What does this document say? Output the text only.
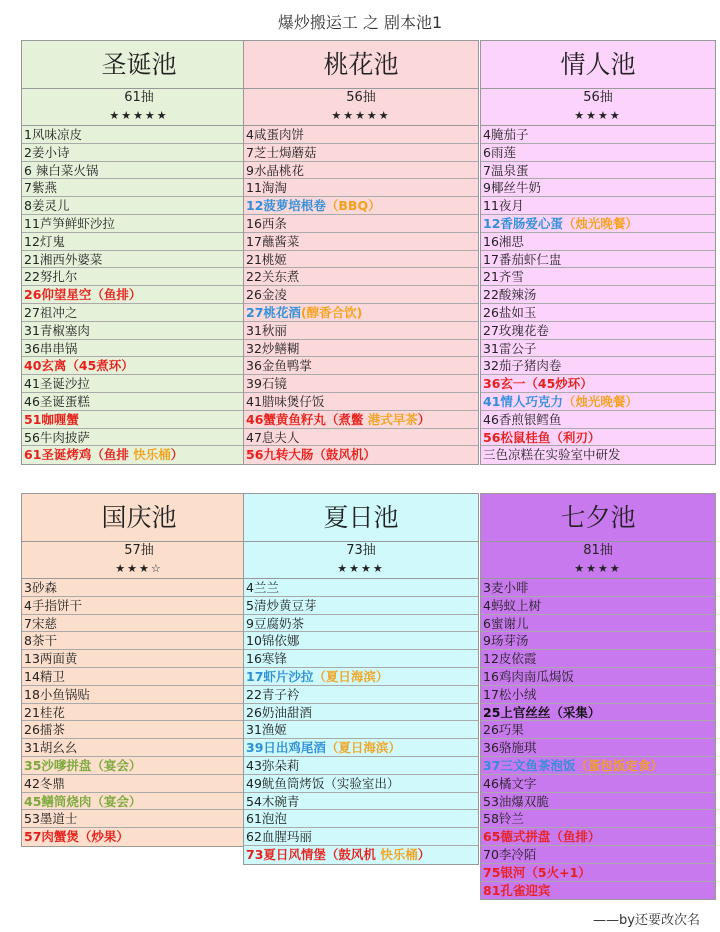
爆炒搬运工 之 剧本池1
圣诞池
61抽
★★★★★
1风味凉皮
2姜小诗
6 辣白菜火锅
7紫燕
8姜灵儿
11芦笋鲜虾沙拉
12灯鬼
21湘西外婆菜
22努扎尔
26仰望星空（鱼排）
27祖冲之
31青椒塞肉
36串串锅
40玄离（45煮环）
41圣诞沙拉
46圣诞蛋糕
51咖喱蟹
56牛肉披萨
61圣诞烤鸡（鱼排 快乐桶）
桃花池
56抽
★★★★★
4咸蛋肉饼
7芝士焗蘑菇
9水晶桃花
11淘淘
12菠萝培根卷（BBQ）
16西条
17蘸酱菜
21桃姬
22关东煮
26金凌
27桃花酒(醇香合饮)
31秋丽
32炒鳝糊
36金鱼鸭掌
39石镜
41腊味煲仔饭
46蟹黄鱼籽丸（煮鳖 港式早茶）
47息夫人
56九转大肠（鼓风机）
情人池
56抽
★★★★
4腌茄子
6雨莲
7温泉蛋
9椰丝牛奶
11夜月
12香肠爱心蛋（烛光晚餐）
16湘思
17番茄虾仁盅
21齐雪
22酸辣汤
26盐如玉
27玫瑰花卷
31雷公子
32茄子猪肉卷
36玄一（45炒环）
41情人巧克力（烛光晚餐）
46香煎银鳕鱼
56松鼠桂鱼（利刃）
三色凉糕在实验室中研发
国庆池
57抽
★★★☆
3砂森
4手指饼干
7宋慈
8茶干
13两面黄
14精卫
18小鱼锅贴
21桂花
26擂茶
31胡幺幺
35沙嗲拼盘（宴会）
42冬鼎
45鳝筒烧肉（宴会）
53墨道士
57肉蟹煲（炒果）
夏日池
73抽
★★★★
4兰兰
5清炒黄豆芽
9豆腐奶茶
10锦依娜
16寒锋
17虾片沙拉（夏日海滨）
22青子衿
26奶油甜酒
31渔姬
39日出鸡尾酒（夏日海滨）
43弥朵莉
49鱿鱼筒烤饭（实验室出）
54木碗青
61泡泡
62血腥玛丽
73夏日风情堡（鼓风机 快乐桶）
七夕池
81抽
★★★★
3麦小啡
4蚂蚁上树
6蜜谢儿
9玚芽汤
12皮依霞
16鸡肉南瓜焗饭
17松小绒
25上官丝丝（采集）
26巧果
36骆施琪
37三文鱼茶泡饭（蛋包饭定食）
46橘文字
53油爆双脆
58铃兰
65德式拼盘（鱼排）
70李冷陌
75银河（5火+1）
81孔雀迎宾
——by还要改次名
